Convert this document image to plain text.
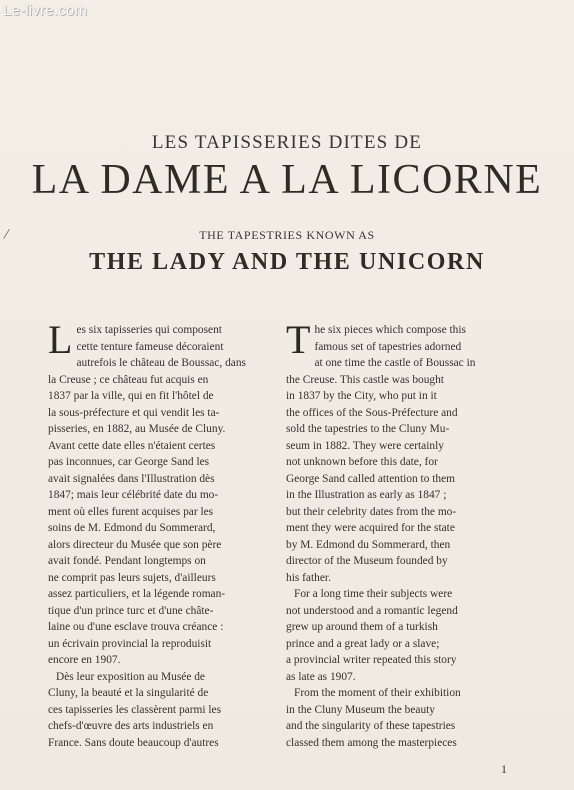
Le-livre.com
/
LES TAPISSERIES DITES DE
LA DAME A LA LICORNE
THE TAPESTRIES KNOWN AS
THE LADY AND THE UNICORN
L es six tapisseries qui composent
cette tenture fameuse décoraient
autrefois le château de Boussac, dans
la Creuse ; ce château fut acquis en
1837 par la ville, qui en fit l'hôtel de
la sous-préfecture et qui vendit les ta-
pisseries, en 1882, au Musée de Cluny.
Avant cette date elles n'étaient certes
pas inconnues, car George Sand les
avait signalées dans l'Illustration dès
1847; mais leur célébrité date du mo-
ment où elles furent acquises par les
soins de M. Edmond du Sommerard,
alors directeur du Musée que son père
avait fondé. Pendant longtemps on
ne comprit pas leurs sujets, d'ailleurs
assez particuliers, et la légende roman-
tique d'un prince turc et d'une châte-
laine ou d'une esclave trouva créance :
un écrivain provincial la reproduisit
encore en 1907.
Dès leur exposition au Musée de
Cluny, la beauté et la singularité de
ces tapisseries les classèrent parmi les
chefs-d'œuvre des arts industriels en
France. Sans doute beaucoup d'autres
T he six pieces which compose this
famous set of tapestries adorned
at one time the castle of Boussac in
the Creuse. This castle was bought
in 1837 by the City, who put in it
the offices of the Sous-Préfecture and
sold the tapestries to the Cluny Mu-
seum in 1882. They were certainly
not unknown before this date, for
George Sand called attention to them
in the Illustration as early as 1847 ;
but their celebrity dates from the mo-
ment they were acquired for the state
by M. Edmond du Sommerard, then
director of the Museum founded by
his father.
For a long time their subjects were
not understood and a romantic legend
grew up around them of a turkish
prince and a great lady or a slave;
a provincial writer repeated this story
as late as 1907.
From the moment of their exhibition
in the Cluny Museum the beauty
and the singularity of these tapestries
classed them among the masterpieces
1
